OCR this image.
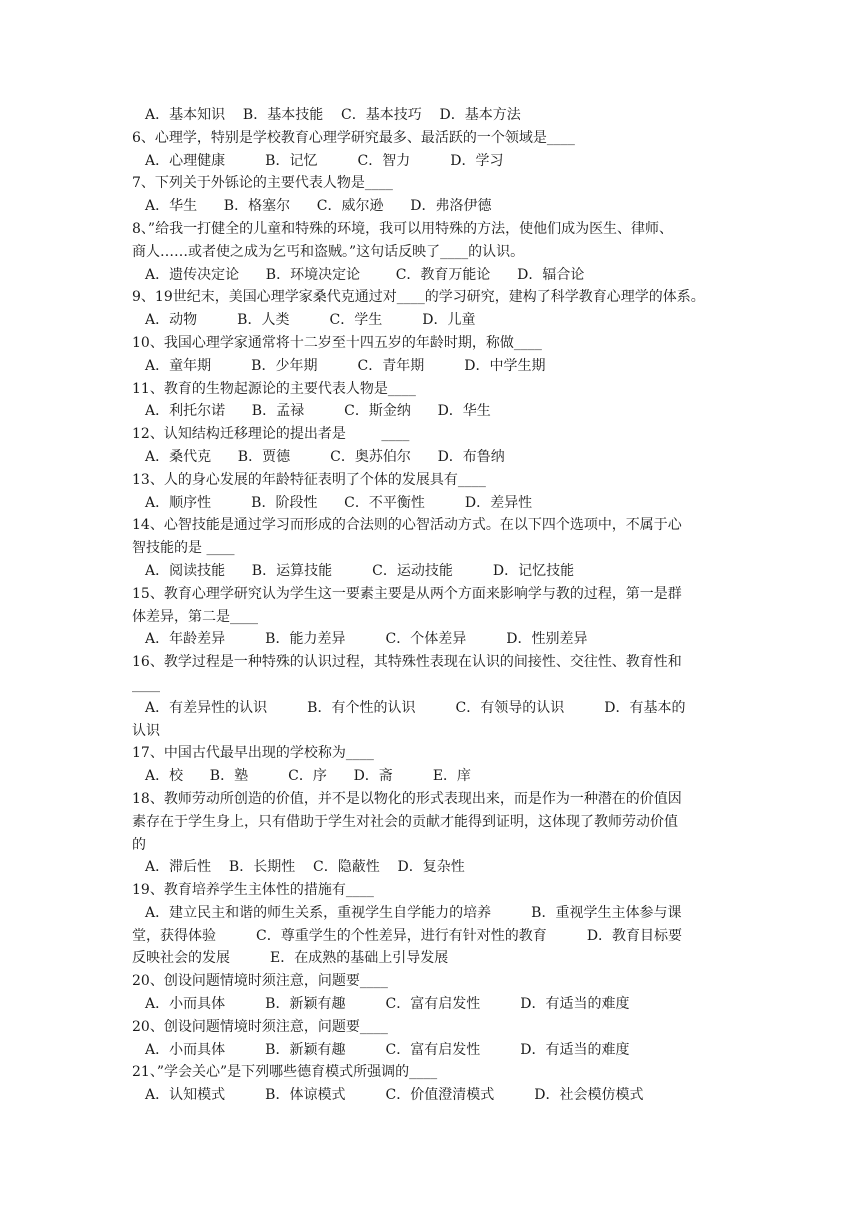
A．基本知识    B．基本技能    C．基本技巧    D．基本方法
6、心理学，特别是学校教育心理学研究最多、最活跃的一个领域是____
A．心理健康         B．记忆         C．智力         D．学习
7、下列关于外铄论的主要代表人物是____
A．华生      B．格塞尔      C．威尔逊      D．弗洛伊德
8、”给我一打健全的儿童和特殊的环境，我可以用特殊的方法，使他们成为医生、律师、
商人……或者使之成为乞丐和盗贼。”这句话反映了____的认识。
A．遗传决定论      B．环境决定论        C．教育万能论      D．辐合论
9、19世纪末，美国心理学家桑代克通过对____的学习研究，建构了科学教育心理学的体系。
A．动物         B．人类         C．学生         D．儿童
10、我国心理学家通常将十二岁至十四五岁的年龄时期，称做____
A．童年期         B．少年期         C．青年期         D．中学生期
11、教育的生物起源论的主要代表人物是____
A．利托尔诺      B．孟禄         C．斯金纳      D．华生
12、认知结构迁移理论的提出者是        ____
A．桑代克      B．贾德         C．奥苏伯尔      D．布鲁纳
13、人的身心发展的年龄特征表明了个体的发展具有____
A．顺序性         B．阶段性      C．不平衡性         D．差异性
14、心智技能是通过学习而形成的合法则的心智活动方式。在以下四个选项中，不属于心
智技能的是 ____
A．阅读技能      B．运算技能         C．运动技能         D．记忆技能
15、教育心理学研究认为学生这一要素主要是从两个方面来影响学与教的过程，第一是群
体差异，第二是____
A．年龄差异         B．能力差异         C．个体差异         D．性别差异
16、教学过程是一种特殊的认识过程，其特殊性表现在认识的间接性、交往性、教育性和
____
A．有差异性的认识         B．有个性的认识         C．有领导的认识         D．有基本的
认识
17、中国古代最早出现的学校称为____
A．校      B．塾         C．序      D．斋         E．庠
18、教师劳动所创造的价值，并不是以物化的形式表现出来，而是作为一种潜在的价值因
素存在于学生身上，只有借助于学生对社会的贡献才能得到证明，这体现了教师劳动价值
的
A．滞后性    B．长期性    C．隐蔽性    D．复杂性
19、教育培养学生主体性的措施有____
A．建立民主和谐的师生关系，重视学生自学能力的培养         B．重视学生主体参与课
堂，获得体验         C．尊重学生的个性差异，进行有针对性的教育         D．教育目标要
反映社会的发展         E．在成熟的基础上引导发展
20、创设问题情境时须注意，问题要____
A．小而具体         B．新颖有趣         C．富有启发性         D．有适当的难度
20、创设问题情境时须注意，问题要____
A．小而具体         B．新颖有趣         C．富有启发性         D．有适当的难度
21、”学会关心”是下列哪些德育模式所强调的____
A．认知模式         B．体谅模式         C．价值澄清模式         D．社会模仿模式
